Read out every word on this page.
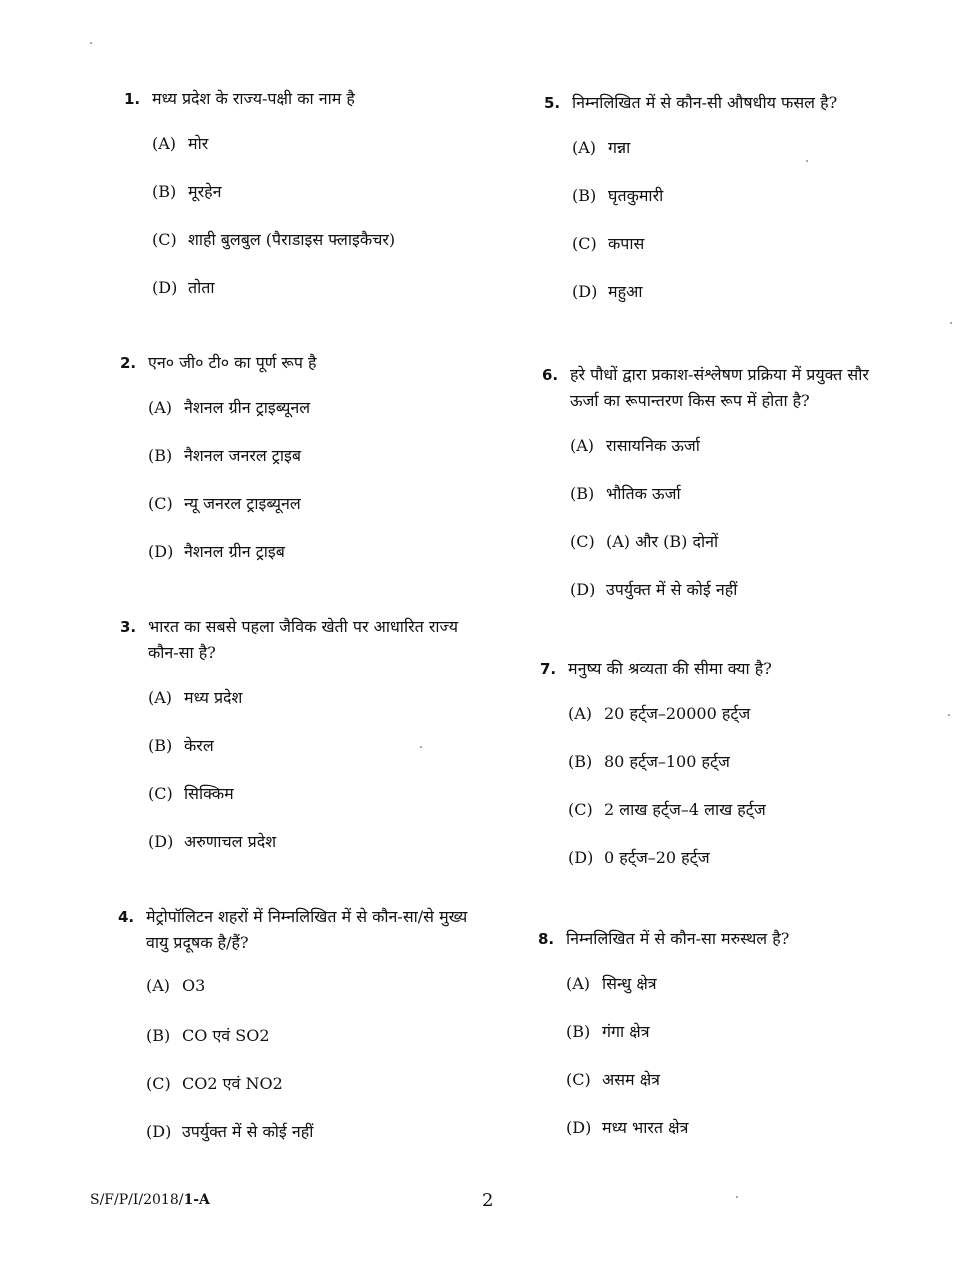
1. मध्य प्रदेश के राज्य-पक्षी का नाम है
(A) मोर
(B) मूरहेन
(C) शाही बुलबुल (पैराडाइस फ्लाइकैचर)
(D) तोता
2. एन० जी० टी० का पूर्ण रूप है
(A) नैशनल ग्रीन ट्राइब्यूनल
(B) नैशनल जनरल ट्राइब
(C) न्यू जनरल ट्राइब्यूनल
(D) नैशनल ग्रीन ट्राइब
3. भारत का सबसे पहला जैविक खेती पर आधारित राज्य कौन-सा है?
(A) मध्य प्रदेश
(B) केरल
(C) सिक्किम
(D) अरुणाचल प्रदेश
4. मेट्रोपॉलिटन शहरों में निम्नलिखित में से कौन-सा/से मुख्य वायु प्रदूषक है/हैं?
(A) O3
(B) CO एवं SO2
(C) CO2 एवं NO2
(D) उपर्युक्त में से कोई नहीं
5. निम्नलिखित में से कौन-सी औषधीय फसल है?
(A) गन्ना
(B) घृतकुमारी
(C) कपास
(D) महुआ
6. हरे पौधों द्वारा प्रकाश-संश्लेषण प्रक्रिया में प्रयुक्त सौर ऊर्जा का रूपान्तरण किस रूप में होता है?
(A) रासायनिक ऊर्जा
(B) भौतिक ऊर्जा
(C) (A) और (B) दोनों
(D) उपर्युक्त में से कोई नहीं
7. मनुष्य की श्रव्यता की सीमा क्या है?
(A) 20 हर्ट्ज–20000 हर्ट्ज
(B) 80 हर्ट्ज–100 हर्ट्ज
(C) 2 लाख हर्ट्ज–4 लाख हर्ट्ज
(D) 0 हर्ट्ज–20 हर्ट्ज
8. निम्नलिखित में से कौन-सा मरुस्थल है?
(A) सिन्धु क्षेत्र
(B) गंगा क्षेत्र
(C) असम क्षेत्र
(D) मध्य भारत क्षेत्र
S/F/P/I/2018/1-A	2
